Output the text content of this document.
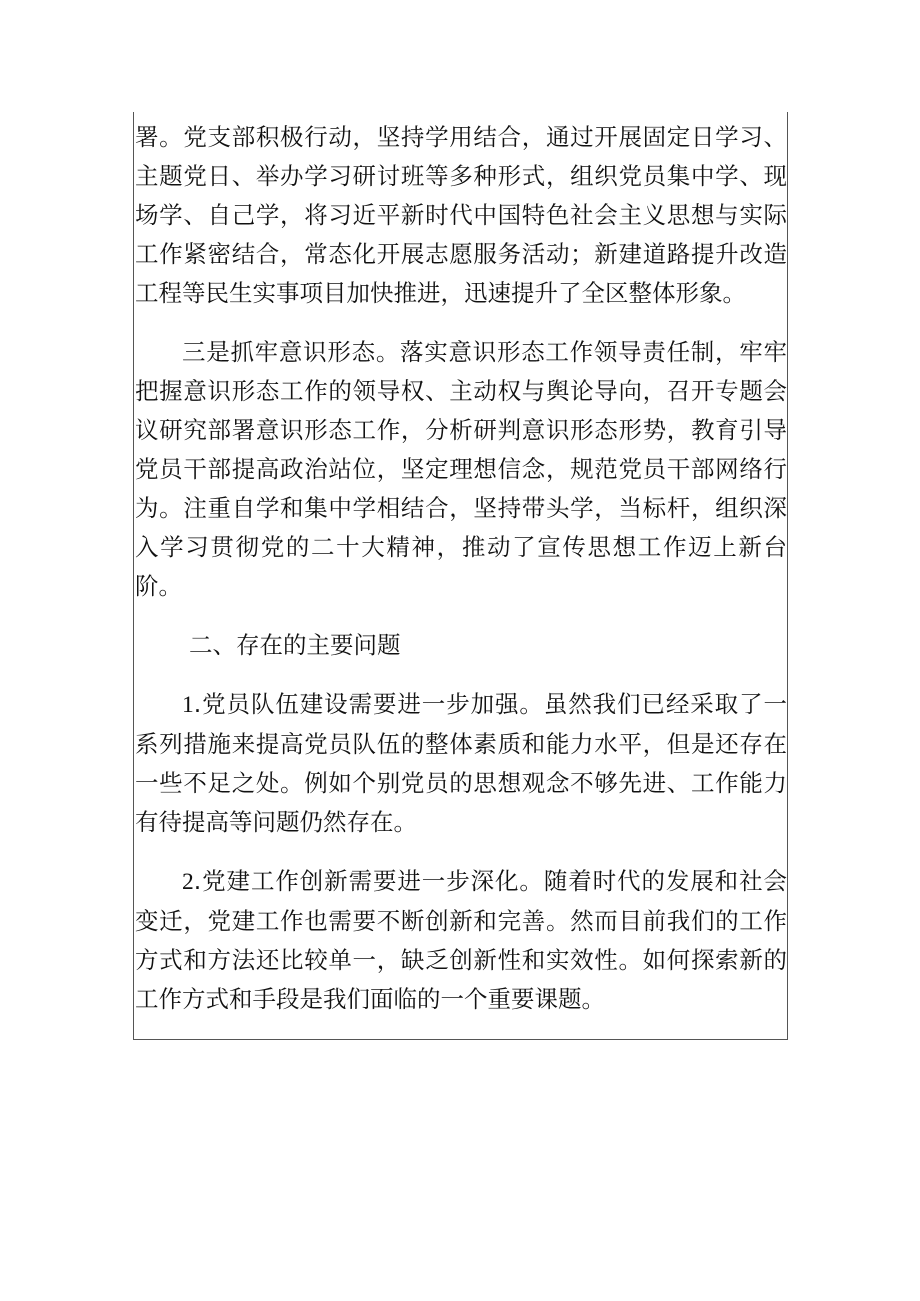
署。党支部积极行动，坚持学用结合，通过开展固定日学习、主题党日、举办学习研讨班等多种形式，组织党员集中学、现场学、自己学，将习近平新时代中国特色社会主义思想与实际工作紧密结合，常态化开展志愿服务活动；新建道路提升改造工程等民生实事项目加快推进，迅速提升了全区整体形象。

三是抓牢意识形态。落实意识形态工作领导责任制，牢牢把握意识形态工作的领导权、主动权与舆论导向，召开专题会议研究部署意识形态工作，分析研判意识形态形势，教育引导党员干部提高政治站位，坚定理想信念，规范党员干部网络行为。注重自学和集中学相结合，坚持带头学，当标杆，组织深入学习贯彻党的二十大精神，推动了宣传思想工作迈上新台阶。

二、存在的主要问题

1.党员队伍建设需要进一步加强。虽然我们已经采取了一系列措施来提高党员队伍的整体素质和能力水平，但是还存在一些不足之处。例如个别党员的思想观念不够先进、工作能力有待提高等问题仍然存在。

2.党建工作创新需要进一步深化。随着时代的发展和社会变迁，党建工作也需要不断创新和完善。然而目前我们的工作方式和方法还比较单一，缺乏创新性和实效性。如何探索新的工作方式和手段是我们面临的一个重要课题。
